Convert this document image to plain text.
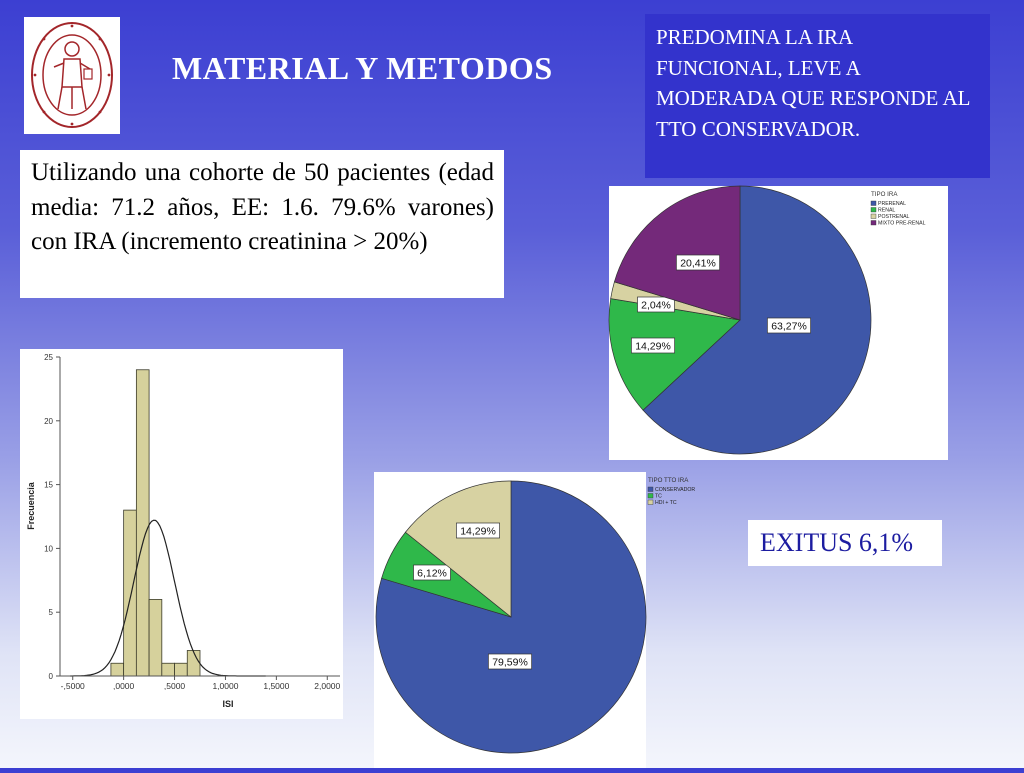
MATERIAL Y METODOS
PREDOMINA LA IRA FUNCIONAL, LEVE A MODERADA QUE RESPONDE AL TTO CONSERVADOR.
Utilizando una cohorte de 50 pacientes (edad media: 71.2 años, EE: 1.6. 79.6% varones) con IRA (incremento creatinina > 20%)
EXITUS 6,1%
0
5
10
15
20
25
-,5000	,0000	,5000	1,0000	1,5000	2,0000
ISI
Frecuencia
63,27%
14,29%
2,04%
20,41%
TIPO IRA
PRERENAL
RENAL
POSTRENAL
MIXTO PRE-RENAL
79,59%
6,12%
14,29%
TIPO TTO IRA
CONSERVADOR
TC
HDI + TC
